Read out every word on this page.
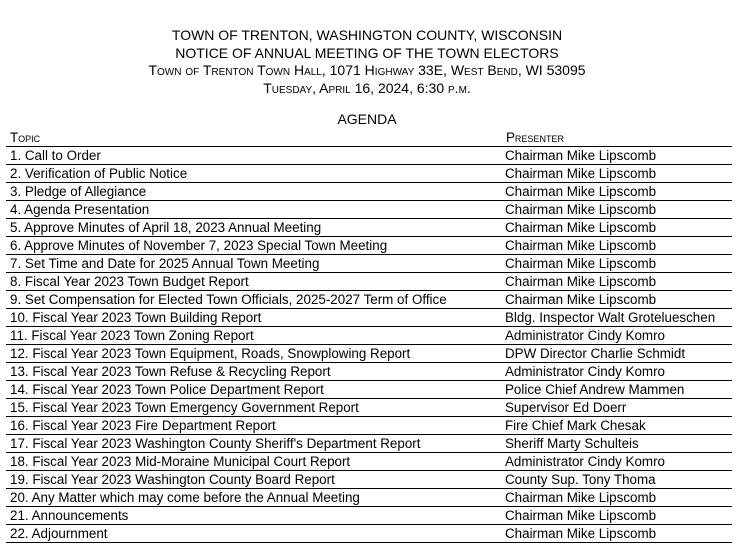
TOWN OF TRENTON, WASHINGTON COUNTY, WISCONSIN
NOTICE OF ANNUAL MEETING OF THE TOWN ELECTORS
Town of Trenton Town Hall, 1071 Highway 33E, West Bend, WI 53095
Tuesday, April 16, 2024, 6:30 p.m.
AGENDA
Topic	Presenter
1. Call to Order	Chairman Mike Lipscomb
2. Verification of Public Notice	Chairman Mike Lipscomb
3. Pledge of Allegiance	Chairman Mike Lipscomb
4. Agenda Presentation	Chairman Mike Lipscomb
5. Approve Minutes of April 18, 2023 Annual Meeting	Chairman Mike Lipscomb
6. Approve Minutes of November 7, 2023 Special Town Meeting	Chairman Mike Lipscomb
7. Set Time and Date for 2025 Annual Town Meeting	Chairman Mike Lipscomb
8. Fiscal Year 2023 Town Budget Report	Chairman Mike Lipscomb
9. Set Compensation for Elected Town Officials, 2025-2027 Term of Office	Chairman Mike Lipscomb
10. Fiscal Year 2023 Town Building Report	Bldg. Inspector Walt Grotelueschen
11. Fiscal Year 2023 Town Zoning Report	Administrator Cindy Komro
12. Fiscal Year 2023 Town Equipment, Roads, Snowplowing Report	DPW Director Charlie Schmidt
13. Fiscal Year 2023 Town Refuse & Recycling Report	Administrator Cindy Komro
14. Fiscal Year 2023 Town Police Department Report	Police Chief Andrew Mammen
15. Fiscal Year 2023 Town Emergency Government Report	Supervisor Ed Doerr
16. Fiscal Year 2023 Fire Department Report	Fire Chief Mark Chesak
17. Fiscal Year 2023 Washington County Sheriff's Department Report	Sheriff Marty Schulteis
18. Fiscal Year 2023 Mid-Moraine Municipal Court Report	Administrator Cindy Komro
19. Fiscal Year 2023 Washington County Board Report	County Sup. Tony Thoma
20. Any Matter which may come before the Annual Meeting	Chairman Mike Lipscomb
21. Announcements	Chairman Mike Lipscomb
22. Adjournment	Chairman Mike Lipscomb
